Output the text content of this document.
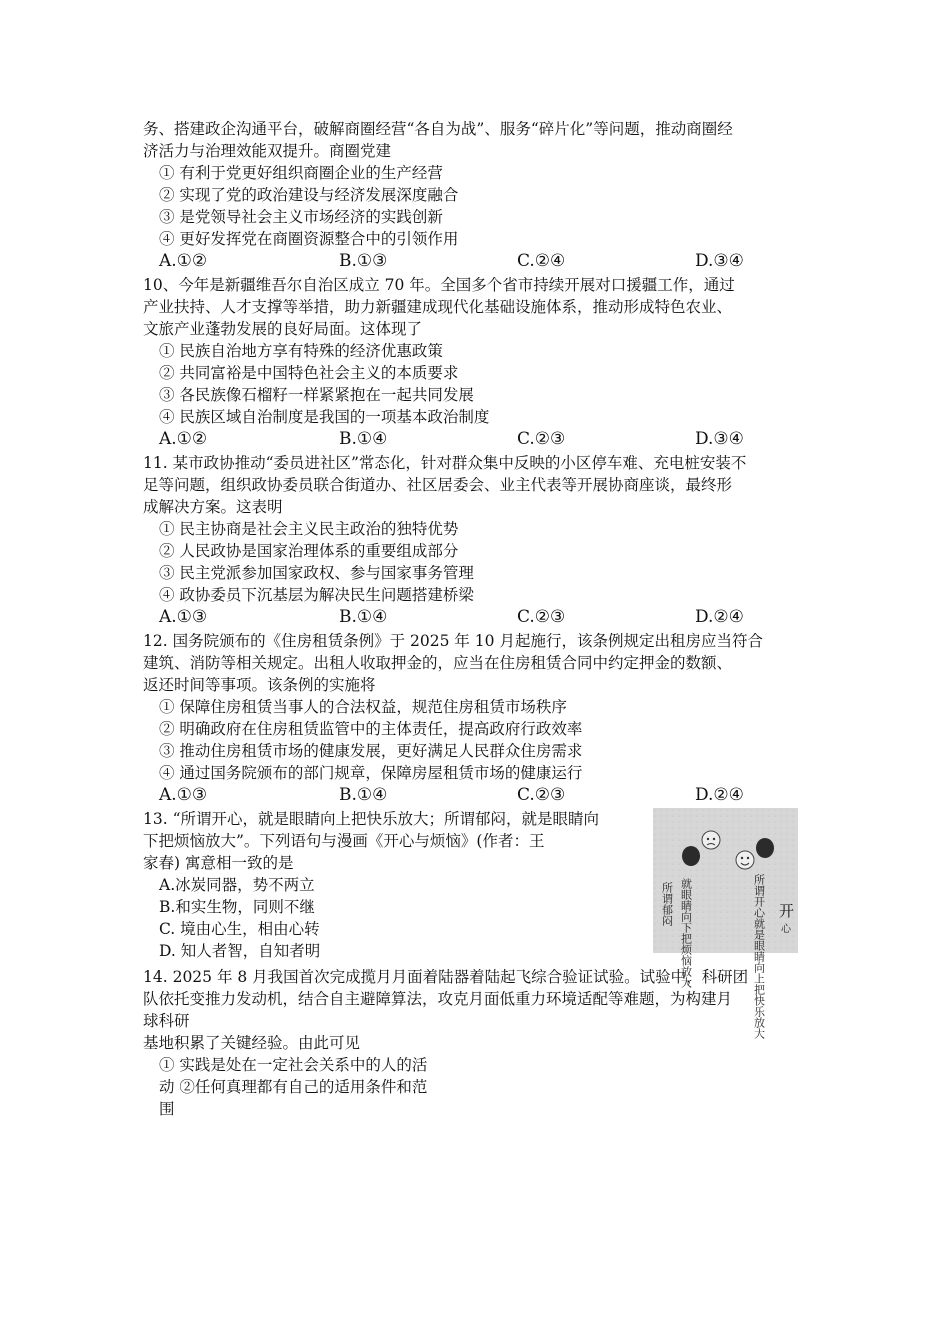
务、搭建政企沟通平台，破解商圈经营“各自为战”、服务“碎片化”等问题，推动商圈经
济活力与治理效能双提升。商圈党建
① 有利于党更好组织商圈企业的生产经营
② 实现了党的政治建设与经济发展深度融合
③ 是党领导社会主义市场经济的实践创新
④ 更好发挥党在商圈资源整合中的引领作用
A.①②	B.①③	C.②④	D.③④
10、今年是新疆维吾尔自治区成立 70 年。全国多个省市持续开展对口援疆工作，通过
产业扶持、人才支撑等举措，助力新疆建成现代化基础设施体系，推动形成特色农业、
文旅产业蓬勃发展的良好局面。这体现了
① 民族自治地方享有特殊的经济优惠政策
② 共同富裕是中国特色社会主义的本质要求
③ 各民族像石榴籽一样紧紧抱在一起共同发展
④ 民族区域自治制度是我国的一项基本政治制度
A.①②	B.①④	C.②③	D.③④
11. 某市政协推动“委员进社区”常态化，针对群众集中反映的小区停车难、充电桩安装不
足等问题，组织政协委员联合街道办、社区居委会、业主代表等开展协商座谈，最终形
成解决方案。这表明
① 民主协商是社会主义民主政治的独特优势
② 人民政协是国家治理体系的重要组成部分
③ 民主党派参加国家政权、参与国家事务管理
④ 政协委员下沉基层为解决民生问题搭建桥梁
A.①③	B.①④	C.②③	D.②④
12. 国务院颁布的《住房租赁条例》于 2025 年 10 月起施行，该条例规定出租房应当符合
建筑、消防等相关规定。出租人收取押金的，应当在住房租赁合同中约定押金的数额、
返还时间等事项。该条例的实施将
① 保障住房租赁当事人的合法权益，规范住房租赁市场秩序
② 明确政府在住房租赁监管中的主体责任，提高政府行政效率
③ 推动住房租赁市场的健康发展，更好满足人民群众住房需求
④ 通过国务院颁布的部门规章，保障房屋租赁市场的健康运行
A.①③	B.①④	C.②③	D.②④
13. “所谓开心，就是眼睛向上把快乐放大；所谓郁闷，就是眼睛向
下把烦恼放大”。下列语句与漫画《开心与烦恼》(作者：王
家春) 寓意相一致的是
A.冰炭同器，势不两立
B.和实生物，同则不继
C. 境由心生，相由心转
D. 知人者智，自知者明
所谓郁闷 就眼睛向下把烦恼放大	所谓开心就是眼睛向上把快乐放大 开
心
14. 2025 年 8 月我国首次完成揽月月面着陆器着陆起飞综合验证试验。试验中，科研团
队依托变推力发动机，结合自主避障算法，攻克月面低重力环境适配等难题，为构建月
球科研
基地积累了关键经验。由此可见
① 实践是处在一定社会关系中的人的活
动 ②任何真理都有自己的适用条件和范
围
